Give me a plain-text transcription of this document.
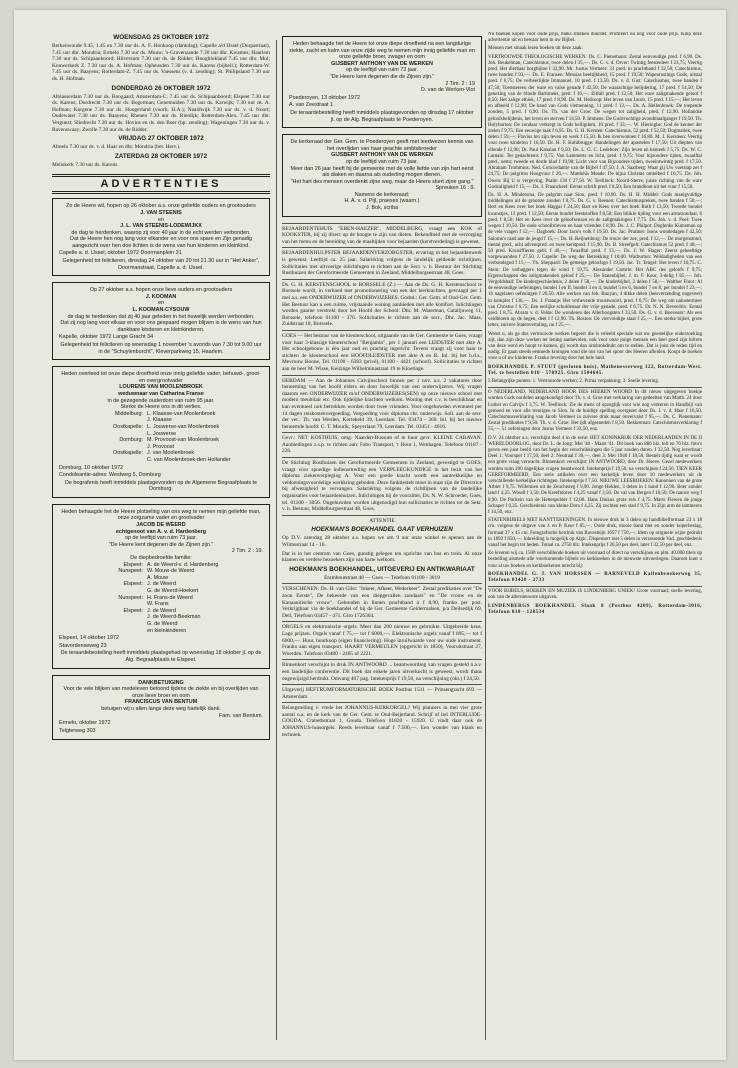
WOENSDAG 25 OKTOBER 1972

Berkenwoude 9.45, 1.45 en 7.30 uur ds. A. F. Honkoop (dankdag); Capelle a/d IJssel (Dorpsstraat), 7.45 uur dhr. Mondria; Ermelo 7.30 uur ds. Mouw; 's-Gravenzande 7.30 uur dhr. Kwantes; Haarlem 7.30 uur ds. Schipaanboord; Hilversum 7.30 uur ds. de Ridder; Hoogblokland 7.45 uur dhr. Mol; Kouwerkerk Z. 7.30 uur ds. A. Hofman; Opheusden 7.30 uur ds. Karens (bijbell.); Rotterdam-W. 7.45 uur ds. Baayens; Rotterdam-Z. 7.45 uur ds. Vaessens (v. d. zending); St. Philipsland 7.30 uur ds. H. Hofman.

DONDERDAG 26 OKTOBER 1972

Alblasserdam 7.30 uur ds. Boogaard; Amsterdam-C. 7.45 uur ds. Schipaanboord; Elspeet 7.30 uur ds. Karens; Dordrecht 7.30 uur ds. Bogerman; Genemuiden 7.30 uur ds. Karwijk; 7.30 uur ds. A. Hofman; Korgene 7.30 uur ds. Hoogerland (voorb. H.A.); Naaldwijk 7.30 uur ds. v. d. Noort; Oudewater 7.30 uur ds. Baayens; Rhenen 7.30 uur ds. Rietdijk; Rotterdam-Alex. 7.45 uur dhr. Vergunst; Sliedrecht 7.30 uur ds. Hovius en ds. den Boer (bp. zending); Wageningen 7.30 uur ds. v. Ravenswaay; Zwolle 7.30 uur ds. de Ridder.

VRIJDAG 27 OKTOBER 1972

Almelo 7.30 uur ds. v. d. Haar en dhr. Mondria (ber. Herv.).

ZATERDAG 28 OKTOBER 1972

Meliskerk 7.30 uur ds. Karens.

ADVERTENTIES
Zo de Heere wil, hopen op 26 oktober a.s. onze geliefde ouders en grootouders
J. VAN STEENIS
en
J. L. VAN STEENIS-LODEWIJKX
de dag te herdenken, waarop zij voor 40 jaar in de echt werden verbonden.
Dat de Heere hen nog lang voor elkander en voor ons spare en Zijn genadig aangezicht over hen doe lichten is de wens van hun kinderen en kleinkind.
Capelle a. d. IJssel, oktober 1972 Doormanplein 31
Gelegenheid tot feliciteren, dinsdag 24 oktober van 20 tot 21.30 uur in "Het Anker", Doormanstraat, Capelle a. d. IJssel.
Op 27 oktober a.s. hopen onze lieve ouders en grootouders
J. KOOMAN
en
L. KOOMAN-CYSOUW
de dag te herdenken dat zij 40 jaar geleden in het huwelijk werden verbonden.
Dat zij nog lang voor elkaar en voor ons gespaard mogen blijven is de wens van hun dankbare kinderen en kleinkinderen.
Kapelle, oktober 1972 Lange Gracht 34
Gelegenheid tot feliciteren op woensdag 1 november 's avonds van 7.30 tot 9.00 uur in de "Schuylenburcht", Kleverparkweg 15, Haarlem.
Heden overleed tot onze diepe droefheid onze innig geliefde vader, behuwd-, groot- en overgrootvader
LOURENS VAN MOOLENBROEK
weduwnaar van Catharina Franse
in de gezegende ouderdom van ruim 95 jaar.
Sterke de Heere ons in dit verlies.
Middelburg: L. Klaasse-van Moolenbroek
J. Klaasse
Oostkapelle: L. Jouwerse-van Moolenbroek
L. Jouwerse
Domburg: M. Provoost-van Moolenbroek
J. Provoost
Oostkapelle: J. van Moolenbroek
C. van Moolenbroek-den Hollander
Domburg, 10 oktober 1972
Condoleantie-adres: Westweg 5, Domburg
De begrafenis heeft inmiddels plaatsgevonden op de Algemene Begraafplaats te Domburg.
Heden behaagde het de Heere plotseling van ons weg te nemen mijn geliefde man, onze zorgzame vader en grootvader
JACOB DE WEERD
echtgenoot van A. v. d. Hardenberg
op de leeftijd van ruim 73 jaar.
"De Heere kent degenen die de Zijnen zijn."
2 Tim. 2 : 19.
De diepbedroefde familie:
Elspeet: A. de Weerd-v. d. Hardenberg
Nunspeet: W. Mouw-de Weerd
A. Mouw
Elspeet: J. de Weerd
G. de Weerd-Hoekert
Nunspeet: H. Frans-de Weerd
W. Frans
Elspeet: J. de Weerd
J. de Weerd-Beekman
G. de Weerd
en kleinkinderen
Elspeet, 14 oktober 1972
Stavordenseweg 23
De teraardebestelling heeft inmiddels plaatsgehad op woensdag 18 oktober jl. op de Alg. Begraafplaats te Elspeet.
DANKBETUIGING
Voor de vele blijken van medeleven betoond tijdens de ziekte en bij overlijden van onze lieve broer en oom
FRANCISCUS VAN BENTUM
betuigen wij u allen langs deze weg hartelijk dank.
Fam. van Bentum.
Ermelo, oktober 1972
Telgterweg 303
Heden behaagde het de Heere tot onze diepe droefheid na een langdurige ziekte, zacht en kalm van onze zijde weg te nemen mijn innig geliefde man en onze geliefde broer, zwager en oom
GIJSBERT ANTHONY VAN DE WERKEN
op de leeftijd van ruim 73 jaar.
"De Heere kent degenen die de Zijnen zijn."
2 Tim. 2 : 19
D. van de Werken-Vlot
Poederoyen, 13 oktober 1972
A. van Zeestraat 1
De teraardebestelling heeft inmiddels plaatsgevonden op dinsdag 17 oktober jl. op de Alg. Begraafplaats te Poederoyen.
De kerkeraad der Ger. Gem. te Poederoyen geeft met leedwezen kennis van het overlijden van haar geachte ambtsbroeder
GIJSBERT ANTHONY VAN DE WERKEN
op de leeftijd van ruim 73 jaar.
Meer dan 26 jaar heeft hij de gemeente met de volle liefde van zijn hart eerst als diaken en daarna als ouderling mogen dienen.
"Het hart des mensen overdenkt zijne weg, maar de Heere stiert zijne gang."
Spreuken 16 : 9.
Namens de kerkeraad:
H. A. v. d. Pijl, praeses (waarn.)
J. Bok, scriba

BEJAARDENTEHUIS "EBEN-HAEZER", MIDDELBURG, vraagt een KOK of KOOKSTER, bij zij direct op de hoogte te zijn van dieten. Bekendheid met de verzorging van het menu en de bereiding van de maaltijden voor bejaarden (kerstverdeling) is gewenst.

BEJAARDENHULPSTER BEJAARDENVERZORGSTER, ervaring in het bejaardenwerk is gewenst. Leeftijd ca. 25 jaar. Salariëring volgens de landelijk geldende richtlijnen. Sollicitaties met uitvoerige inlichtingen te richten aan de Secr. v. h. Bestuur der Stichting Rusthuizen der Gereformeerde Gemeenten in Zeeland, Middelburgsestraat 48, Goes.

Ds. G. H. KERSTENSCHOOL te BORSSELE (Z.) — Aan de Ds. G. H. Kerstenschool te Borssele wordt, in verband met promotionering van een der leerkrachten, gevraagd per 1 mei a.s. een ONDERWIJZER of ONDERWIJZERES. Godsd.: Ger. Gem. of Oud-Ger. Gem. Het Bestuur kan u een ruime, vrijstaande woning aanbieden met alle komfort. Inlichtingen worden gaarne verstrekt door het Hoofd der School: Dhr. M. Waterman, Catalijnweg 11, Borssele, telefoon 01100 - 376. Sollicitaties te richten aan de secr., Dhr. Jac. Maas, Zuidstraat 18, Borssele.

GOES — Het bestuur van de kleuterschool, uitgaande van de Ger. Gemeente te Goes, vraagt voor haar 3-klassige kleuterschool "Benjamin", per 1 januari een LEIDSTER met akte A. Het schoolgebouw is één jaar oud en prachtig ingericht. Tevens vraagt zij voor haar te stichten 4e kleuterschool een HOOFDLEIDSTER met akte A en B. Inl. bij het h.d.s., Mevrouw Boone, Tel. 01100 - 6383 (privé), 01100 - 4421 (school). Sollicitaties te richten aan de heer M. Wisse, Keizinge Wilhelminastraat 19 te Kloetinge.

IJERDAM — Aan de Johannes Calvijnschool binnen per 1 nov. a.s. 2 vakatures door benoeming van het hoofd elders en door huwelijk van een onderwijzeres. Wij vragen daarom een ONDERWIJZER m/of ONDERWIJZERES(SEN) op onze nieuwe school met modern meubilair etc. Ook tijdelijke krachten welkom. Woning met c.v. is beschikbaar en kan eventueel ook betrokken worden door twee vrienden. Voor ongehuwden eventueel per 14 dagen reiskostenvergoeding. Vergoeding voor diploma chr. onderwijs. Soll. aan de secr. der ver.: Th. van Werden, Kortekeld 39, Leerdam. Tel. 03474 - 360. Inl. bij het nieuwe benoemde hoofd: C. T. Mourik, Speyerlaan 79, Leerdam. Tel. 03451 - 4016.

Gevr.: NET KOSTHUIS, omg. Naarden-Bussum of te huur gevr. KLEINE CARAVAN. Aanbiedingen z.s.p. te richten aan: Fabo Transport, 't Hout 1, Wenhagen. Telefoon 01187 - 226.

De Stichting Rusthuizen der Gereformeerde Gemeenten in Zeeland, gevestigd te GOES, vraagt voor spoedige indiensttreding een VERPLEEGKUNDIGE in het bezit van het diploma ziekenverpleging A. Voor een goede kracht wordt een aantrekkelijke en veldoeningsvoordelige werkkring geboden. Deze funktiestelt moet in staat zijn de Directrice bij afwezigheid te vervangen. Salariëring volgens de richtlijnen van de landelijke organisaties voor bejaardenhuizen. Inlichtingen bij de voorzitter, Ds. N. W. Schroeder, Goes, tel. 01100 - 3056. Ongehuwden worden uitgenodigd hun sollicitaties te richten tot de Sekr. v. h. Bestuur, Middelburgsestraat 48, Goes.

ATTENTIE
HOEKMAN'S BOEKHANDEL GAAT VERHUIZEN

Op D.V. zaterdag 28 oktober a.s. hopen we om 9 uur onze winkel te openen aan de Wilmsstraat 14 - 16.

Dat is in het centrum van Goes, gunstig gelegen ten opzichte van bus en trein. Al onze klanten en verdere bezoekers zijn van harte welkom.

HOEKMAN'S BOEKHANDEL, UITGEVERIJ EN ANTIKWARIAAT
Eramboutstraat 48 — Goes — Telefoon 01100 - 3019

VERSCHENEN: Ds. H. van Gilst: "Inkeer, Afkeer, Wederkeer". Zestal predikaties over "De zoon Eerste", De bekeerde van een diepgevallen zondaars" en "De vrouw en de Kanaanitische vrouw". Gebonden in linnen prachtband à f 8,90, franko per post. Verkrijgbaar via de boekhandel of bij de Ger. Gemeente Geldermalsen, p/a Deilsedijk 69, Deil, Telefoon 03457 - 471. Giro 1726364.

ORGELS en elektronische orgels. Meer dan 200 nieuwe en gebruikte. Uitgebreide keus. Lage prijzen. Orgels vanaf f 75,— tot f 6000,—. Elektronische orgels vanaf f 895,— tot f 6000,—. Huur, huurkoop (eigen financiering). Hoge inruilwaarde voor uw oude instrument. Franko aan eigen transport. HAART VERMEULEN (opgericht in 1850), Vooruitstraat 27, Woerden. Telefoon 03480 - 2405 of 2221.

Binnenkort verschijnt in druk IN ANTWOORD ... beantwoording van vragen gesteld n.a.v. een landelijke conferentie. Dit boek dat enkele jaren uitverkocht is geweest, wordt thans ongewijzigd herdrukt. Omvang 407 pag. Intekenprijs f 19,50, na verschijning (okt.) f 24,50.

Uitgeverij HEFTRUMFORMATORISCHE BOEK Postbus 1511 — Prinsengracht 693 — Amsterdam

Belangstelling v. vrede het JOHANNUS-KERKORGEL? Wij planners in mei vier grote aantal o.a. en de kerk van de Ger. Gem. te Oud-Beijerland. Schrijf of bel INTERLUDE-GOUDA, Crabethstraat 1, Gouda. Telefoon 01820 - 15920. U vindt daar ook de JOHANNUS-huisorgels. Reeds leverbaar vanaf f 7.500,—. Een wonder van klank en techniek.

Nu boeken kopen voor oude prijs, maks stukken duurder. Profiteert nu nog voor oude prijs. Knip deze advertentie uit en bewaar hem in uw Bijbel.

Mensen met smaak lezen boeken uit deze zaak:

VERTROUWDE THEOLOGISCHE WERKEN: Ds. C. Pienemann: Zestal eenvoudige pred. f 6,90. Ds. Joh. Beukelman, Catechismus, twee delen f 35,—. Ds. C. v. d. Orver: Twintig feestenleer f 23,75; Veertig pred. Het dierbaar borgbijloe f 32,90. Mr. Justus Vermeer: 31 pred. in prachtband f 32,50; Catechismus, twee banden f 93,—. Ds. E. Fransen: Messias beeltijkheid, 15 pred. f 19,50; Wapenrustings Gods, uitstal pred. f 6,75; De verheerlijkte Immanuel, 10 pred. f 13,50. Ds. v. d. Gist: Catechismus, twee banden f 47,50; Toenstereeu der ware en valse genade f 42,50; De waarachtige belijdering, 17 pred. f 14,50; De genezing van de blinde Bartimeüs, pred. f 16,—. Eitfall pred. f 12,50; Het ware zaligmakende geloof f 8,50; Het zalige ethiek, 17 pred. f 8,90. Ds. M. Heikoop: Het leven van Jacob, 15 pred. f 15,—; Het leven en afbeeld f 12,90; De hand van Gods vlemenning, 11 pred. f 13,—. Ds. A. Hellenbroek: De toepende zonden, 5 pred. f 6,90. Ds. Th. van der Groe: De wegen tot zaligheid, pred. f 12,90. Hollandse geloofsbelijdenis, het leven en sterven f 14,50. P. Immens: De Godvruchtige avondmaalganger f 19,50. Th. Holyburton: De zondaar verkregt in Gods heiligdom, 10 pred. f 33,—. W. Hieringhe: God de kenner der zielen f 9,75; Een eeuwige taak f 6,95. Ds. G. H. Kersten: Catechismus, 52 pred. f 52,50; Dogmatiek, twee delen f 59,—; Flavius ten zijn leven en werk f 15,50. Ik ben overwonnen f 16,80. M. J. Kersteen: Veertig voor twee kinderen f 16,50. Dr. H. F. Kohlbrugge: Handelingen der apostelen f 17,50; Uit diepten van ellende f 12,90; Dr. Paul Kanaian f 9,50; Ds. L. G. C. Ledeboer: Zijn leven en kenteek f 5,75. Ds. W. C. Lamain: Ter gedachtenis f 9,75; Van Lammerts en licht, pred. f 9,75; Voor bijzondere tijden, twaalftal pred., netto; tweede en derde blad f 19,90; Licht voor van Bijzondere tijden, tweeintwintig pred. f 17,50. Abraham Trommius: Ned. Concordantie van de Bijbel f 47,50; J. A. Saarberg: Waar gij Uw voetstap zet f 24,75; De pelgrims Hoogvuur f 26,—. Matthéüs Meade: De bijna Christus omtelbed f 10,75. Ds. Joh. Owen: Bij U is vergeving, Psalm 130 f 27,50. W. Teellinck: Noord-Sterre, juiste richting van de ware Godzaligheid f 15,—. Ds. J. Fraanckeel: Eerste schrift pred. f 8,50; Een brandhout uit het vuur f 15,50.

Ds. H. A. Mindersma, De pelgrim naar Sion, pred. f 10,00. Ds. H. H. Middel: Gods manigvuldige middelingen uit de grootste zonden f 8,75. Ds. G. v. Reenen: Catechismuspreken, twee banden f 50,—; Bert en Kees over het boek Haggai f 24,50; Bart en Kees over het boek Ruth f 13,50; Tweede bundel kwanstjes, 13 pred. f 12,50; Eerste bundel feeststoffen f 8,50; Een bliikle tijding voor een armezondaar, 6 pred. f 8,50; Het en Kees over de geloofsenzen en de zaligmakingen f 7,75. Ds. Joh. v. d. Poel: Twee wegen f 10,50. De oude schoolbrieven en haar vrienden f 8,90. Ds. J. C. Philpot: Doglenks Kinneman op de vele vragen f 12,—. Dagboek: Door Jaco's volk f 19,50. Ds. Jac. Pruttner: Isons wondedagen f 42,50; Salomo's raad aan de jeugd f 15,—. Ds. H. Reijnenburg: De trouw der zee, pred. f 12,—. De morgenstond, tiental pred., acht adventpred. en twee kerstpred. f 15,90. Ds. B. Streefgelt: Gatechismus 52 pred. f 40,—; 50 pred. Kruisiffieren gebl. f 40,—; Twaalftal pred. f 13,—. Ds. J. W. Slager: Zeerst geheelltige vorgewaanden f 27,50. J. Capelle: De weg der Betrekking f 10,00. Warburton: Weldadigheden van een verbondsgod f 15,—. Th. Sheppard: De gemeige geloofsgo f 19,50. Jac. Tr. Tengel: Het leven f 16,75. C. Stein: De verbaggers tegen de wind f 19,75. Alexander Comrie: Het ABC des geloofs f 9,75; Eigenschappen des zaligmakenden geloof f 25,—. De Statenbijbel, J. m. F. Keur, 3-delig f 85,—. Joh. Vergoldshall: De kindergeschiedenis, 2 delen f 58,—. De kinderbijbel, 2 delen f 58,—. Walther Fluor: Al de eenvoudige oefeningen, bundel I en II, bundel 3 en 4, bundel 5 en 6, bundel 7 en 8, per bundel f 23,—; 16 nagelaten oefeningen f 26,50. Alle werken van Joh. Bunyan, 4 dikke delen (leesverzending ongeveer) in komplet f 136,—. Ds. J. Fraanje: Het verhevende troostwoord, pred. f 6,75; De weg om nalustermeer van Christus f 6,75; Een eerlijke schuldenaar der vrije genade, pred. f 6,75. Dr. N. N. Beverdrix: Eental pred. f 8,75. Abram v. d. Velde: De wonderen des Allerhoogsten f 33,50. Ds. G. v. d. Boeveanr: Als een veldbloem op de hegen, deel I f 12,90. Th. Boston: De viervoudige staat f 25,—. Een sterke bijbel, grote letter, zuivere Statenvertaling, nu f 25,—.

Wenst u, als ge dus vertrouwde werken begeert die is veleeld speciale wat uw geestelijke onderzoeking zijt, dan zijn deze werken ter lening aanbevolen, ook voor onze jonge mensen een heel goed zijn kiltren van deze werd en hoopt te komen, gij wordt dan uitzbrokdrukt om te stellen. Dat is juist de reden tijd en nodig. Er gaan steeds eenmede kroingen rond die ons van het spoor des Heeren afleiden. Koopt de boeken voor u of uw kinderen. Franko levering door het hele land.

BOEKHANDEL P. STUUT (gesloten huis), Mathenesserweg 122, Rotterdam-West. Tel. te bestellen 010 - 570925. Giro 1504645.

5 Belangrijke punten: 1. Vertrouwde werken; 2. Prima verpakking; 3. Snelle levering.

O NEDERLAND, NEDERLAND HOOR DES HEEREN WOORD In dit nieuw uitgegeven boekje worden Gods oordelen aangekondigd door Th. v. d. Groe met verklaring van gedeelten van Matth. 24 door Luther en Calvijn f 3,75. W. Teellinck: Zie de mens of opzeglijk voor wie nog verkeren in Handbijl van gemoed en voor alle treurigen te Sion. In de huidige spelling overgezet door Ds. J. v. d. Haar f 16,50. Catechismusverklaring van Jacob Vermeer in zuivere druk maar onvervalst f 95,—. Ds. C. Pienemann: Zestal predikaties f 9,50. Th. v. d. Groe: Het ijdl afgesneden f 8,50. Bekkerman: Catechismusverklaring f 55,—. 51 oefeningen door Justus Vermeer f 32,50, enz.

D.V. 24 oktober a.s. verschijnt deel 4 in de serie: HET KONINKRIJK DER NEDERLANDEN IN DE II WERELDOORLOG, door Dr. L. de Jong: Mei '40 - Maart '41. Dit boek van 886 blz. telt en 76 blz. foto's geven een juist beeld van het begin der verschrikkingen die 5 jaar zouden duren. f 32,50. Nog leverbaar: Deel 1: Voorspel f 17,50; deel 2: Neutraal f 30,—, deel 3: Mei 1940 f 18,50. Bestelt tijdig want er wordt een grote vraag verwacht. Binnenkort verschijnt: IN ANTWOORD, door Dr. Hoeve. Gezel medewerkers worden ruim 200 dagelijkse vragen beantwoord. Intekenprijs f 19,50, na verschijnen f 24,50. TIEN KEER GEREFORMEERD, Een serie artikelen over een kerkelijk leven door 10 medewerkers uit de verschillende kerkelijke richtingen. Intekenprijs f 7,50. NIEUWE LEESBOEKEN: Kanonnen van de grote Arbier f 9,75. Willemien uit de Zeuchtsreg f 9,90. Jonge Helden, 3 delen in 1 band f 12,90. Boer zonder land f 4,25. Woudl f 3,50. De Kreeftdoren f 4,25 vanaf f 3,50. De val van Bergen f 10,50. De nauwe weg f 8,90. De Puritein van de Hettespolder f 12,00. Hans Dinkus grote reis f 4,75. Marts Flewen de jonge Schaper f 6,25. Geschiedenis van kleine Dora f 4,25. Zij zochten een stad f 9,75. In Zijn arm de lammeren f 14,50, enz.

STATENBIJBELS MET KANTTEKENINGEN. In nieuwe druk in 3 delen op handbibelformaat 23 x 18 cm. volgens de uitgave van J. en P. Keur f 85,—. Oude druk, mooie band met en zonder koperbeslag, formaat 27 x 45 cm. Fotografische herdruk van Ravesteijn 1657 f 750,—. Idem op originele wijze gedrukt in 1892 f 850,—. Inbreiding is mogelijk op Algic. Dispensert met 5 delen in verrassende Vad. geschiedenis vanaf het begin tot heden. Totaal ca. 2750 blz. Intekenprijs f 26,50 per deel, later f 32,50 per deel, enz.

Zo leveren wij ca. 1500 verschillende boeken uit voorraad of direct na verschijnen en plm. 40.000 titels op bestelling alsmede alle voorkomende bijbels en kerkboeken in de nieuwste uitvoeringen. Daarom kunt u voor al uw boeken en kerkboekenen terecht bij:

BOEKHANDEL G. J. VAN HORSSEN — BARNEVELD Kallenbroekerweg 35, Telefoon 03420 - 2733

VOOR BIJBELS, BOEKEN EN MUZIEK IS LINDENBERG UNIEK! Grote voorraad; snelle levering, ook van de allernieuwste uitgaven.

LINDENBERGS BOEKHANDEL Slaak 8 (Postbus 4209), Rotterdam-3016, Telefoon 010 - 128534
